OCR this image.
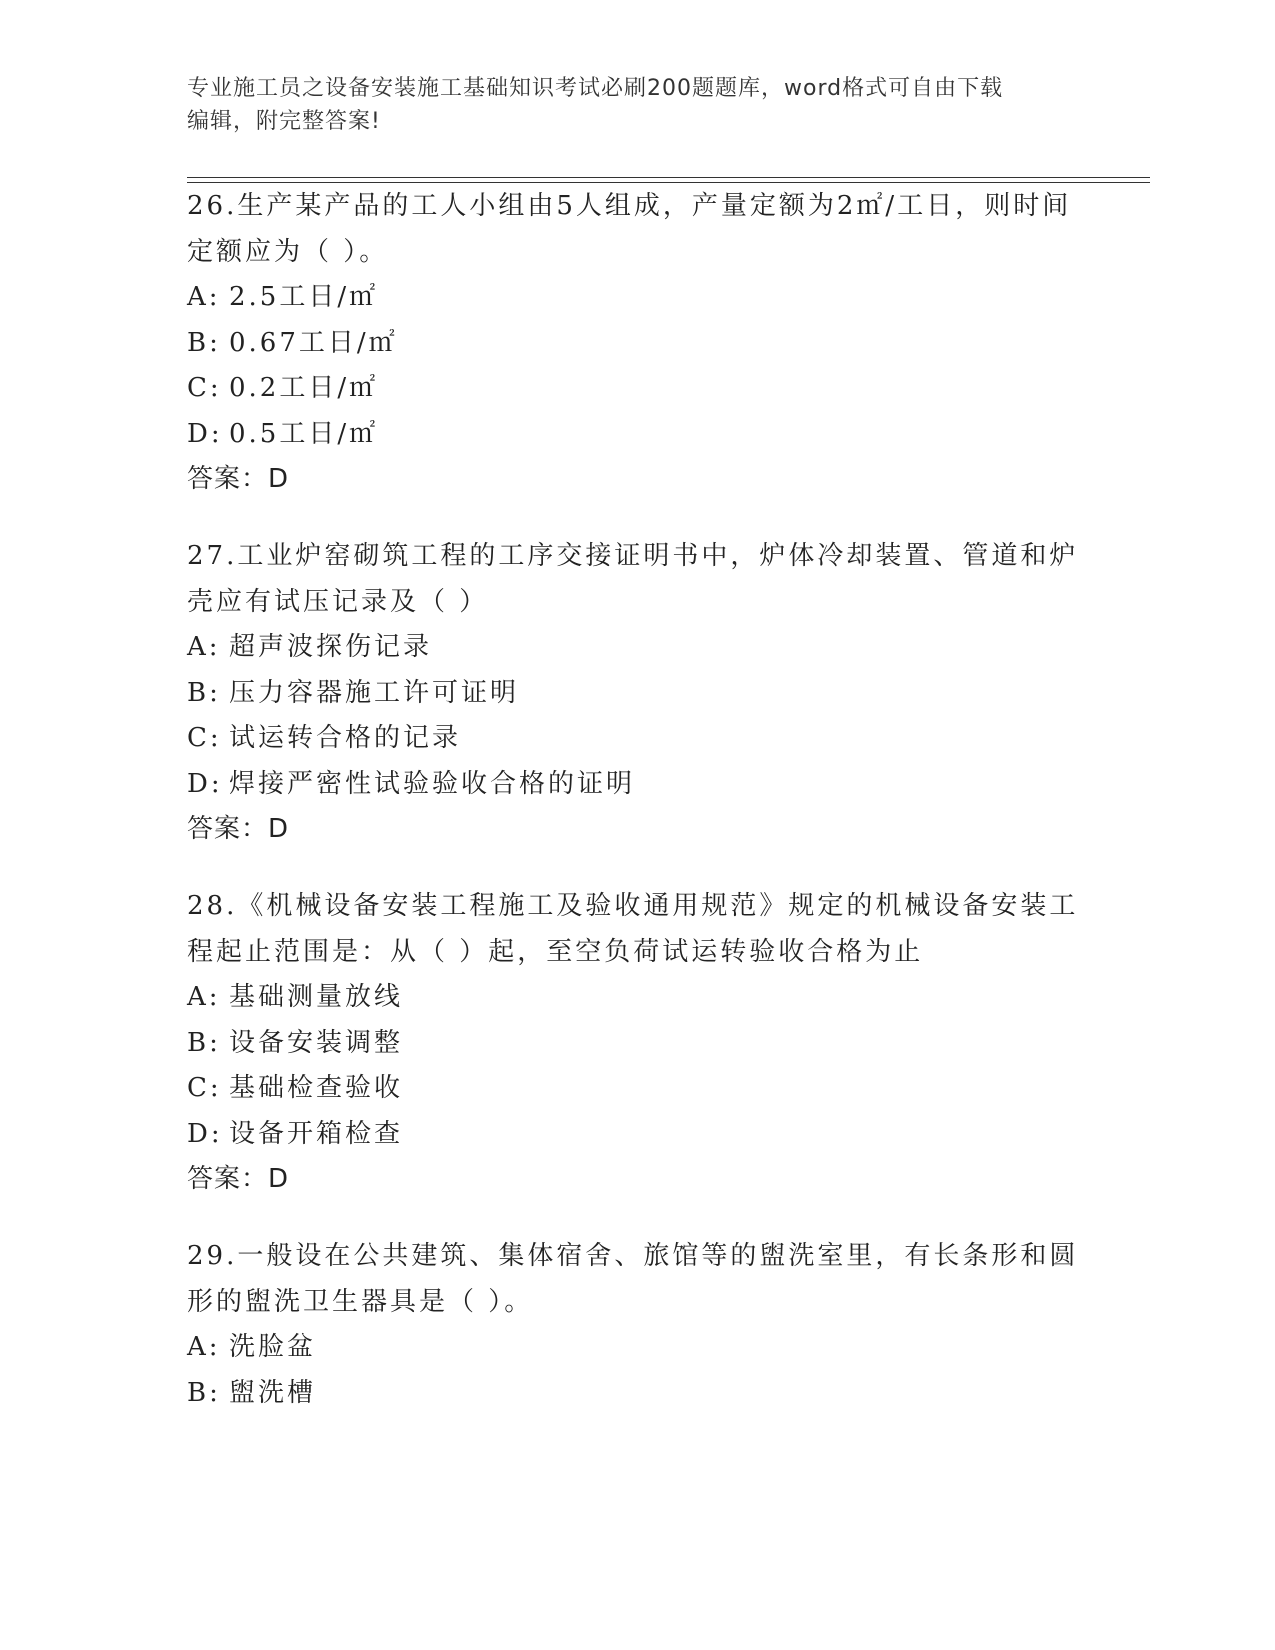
专业施工员之设备安装施工基础知识考试必刷200题题库，word格式可自由下载
编辑，附完整答案!
26.生产某产品的工人小组由5人组成，产量定额为2㎡/工日，则时间
定额应为（ ）。
A: 2.5工日/㎡
B: 0.67工日/㎡
C: 0.2工日/㎡
D: 0.5工日/㎡
答案：D
27.工业炉窑砌筑工程的工序交接证明书中，炉体冷却装置、管道和炉
壳应有试压记录及（ ）
A: 超声波探伤记录
B: 压力容器施工许可证明
C: 试运转合格的记录
D: 焊接严密性试验验收合格的证明
答案：D
28.《机械设备安装工程施工及验收通用规范》规定的机械设备安装工
程起止范围是：从（ ）起，至空负荷试运转验收合格为止
A: 基础测量放线
B: 设备安装调整
C: 基础检查验收
D: 设备开箱检查
答案：D
29.一般设在公共建筑、集体宿舍、旅馆等的盥洗室里，有长条形和圆
形的盥洗卫生器具是（ ）。
A: 洗脸盆
B: 盥洗槽
